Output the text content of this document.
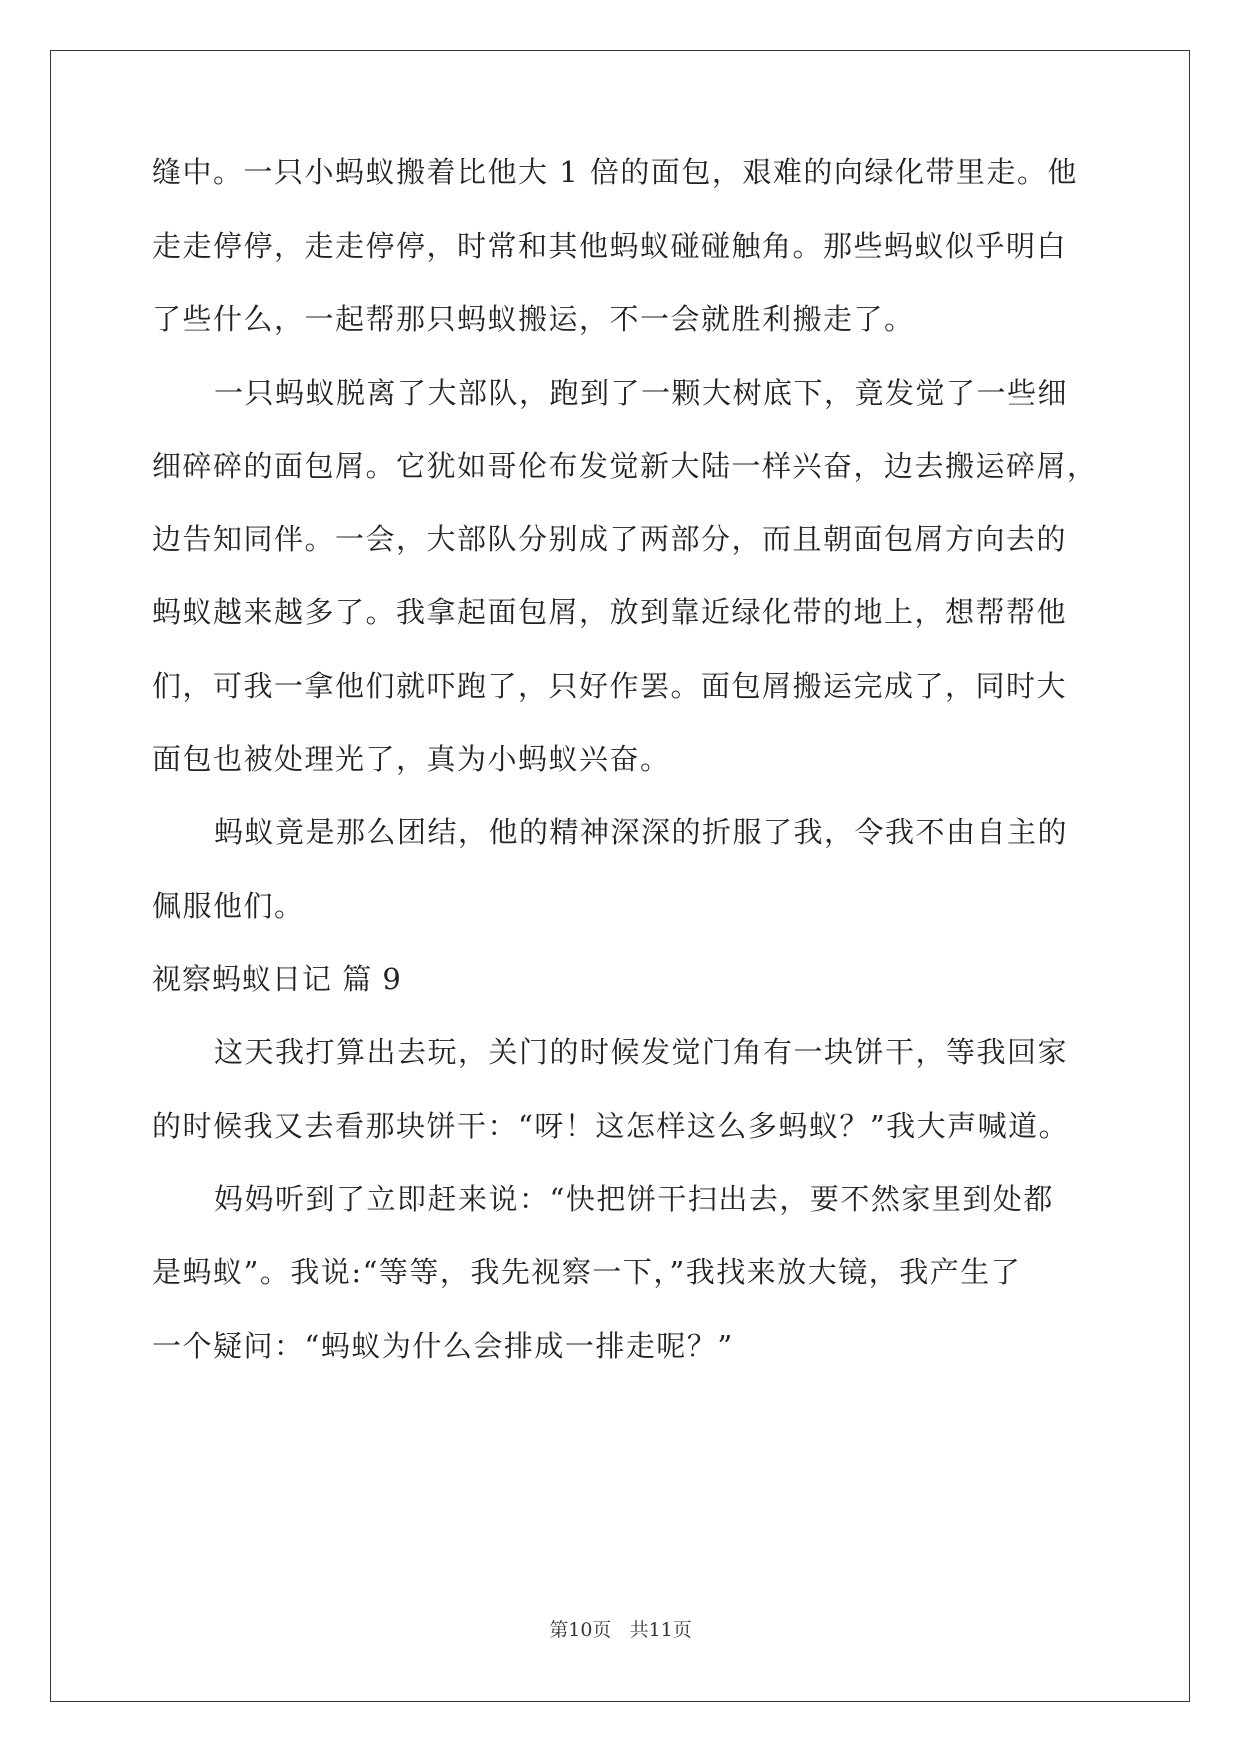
缝中。一只小蚂蚁搬着比他大 1 倍的面包，艰难的向绿化带里走。他
走走停停，走走停停，时常和其他蚂蚁碰碰触角。那些蚂蚁似乎明白
了些什么，一起帮那只蚂蚁搬运，不一会就胜利搬走了。
一只蚂蚁脱离了大部队，跑到了一颗大树底下，竟发觉了一些细
细碎碎的面包屑。它犹如哥伦布发觉新大陆一样兴奋，边去搬运碎屑，
边告知同伴。一会，大部队分别成了两部分，而且朝面包屑方向去的
蚂蚁越来越多了。我拿起面包屑，放到靠近绿化带的地上，想帮帮他
们，可我一拿他们就吓跑了，只好作罢。面包屑搬运完成了，同时大
面包也被处理光了，真为小蚂蚁兴奋。
蚂蚁竟是那么团结，他的精神深深的折服了我，令我不由自主的
佩服他们。
视察蚂蚁日记 篇 9
这天我打算出去玩，关门的时候发觉门角有一块饼干，等我回家
的时候我又去看那块饼干：“呀！这怎样这么多蚂蚁？”我大声喊道。
妈妈听到了立即赶来说：“快把饼干扫出去，要不然家里到处都
是蚂蚁”。我说:“等等，我先视察一下，”我找来放大镜，我产生了
一个疑问：“蚂蚁为什么会排成一排走呢？”
第10页 共11页
